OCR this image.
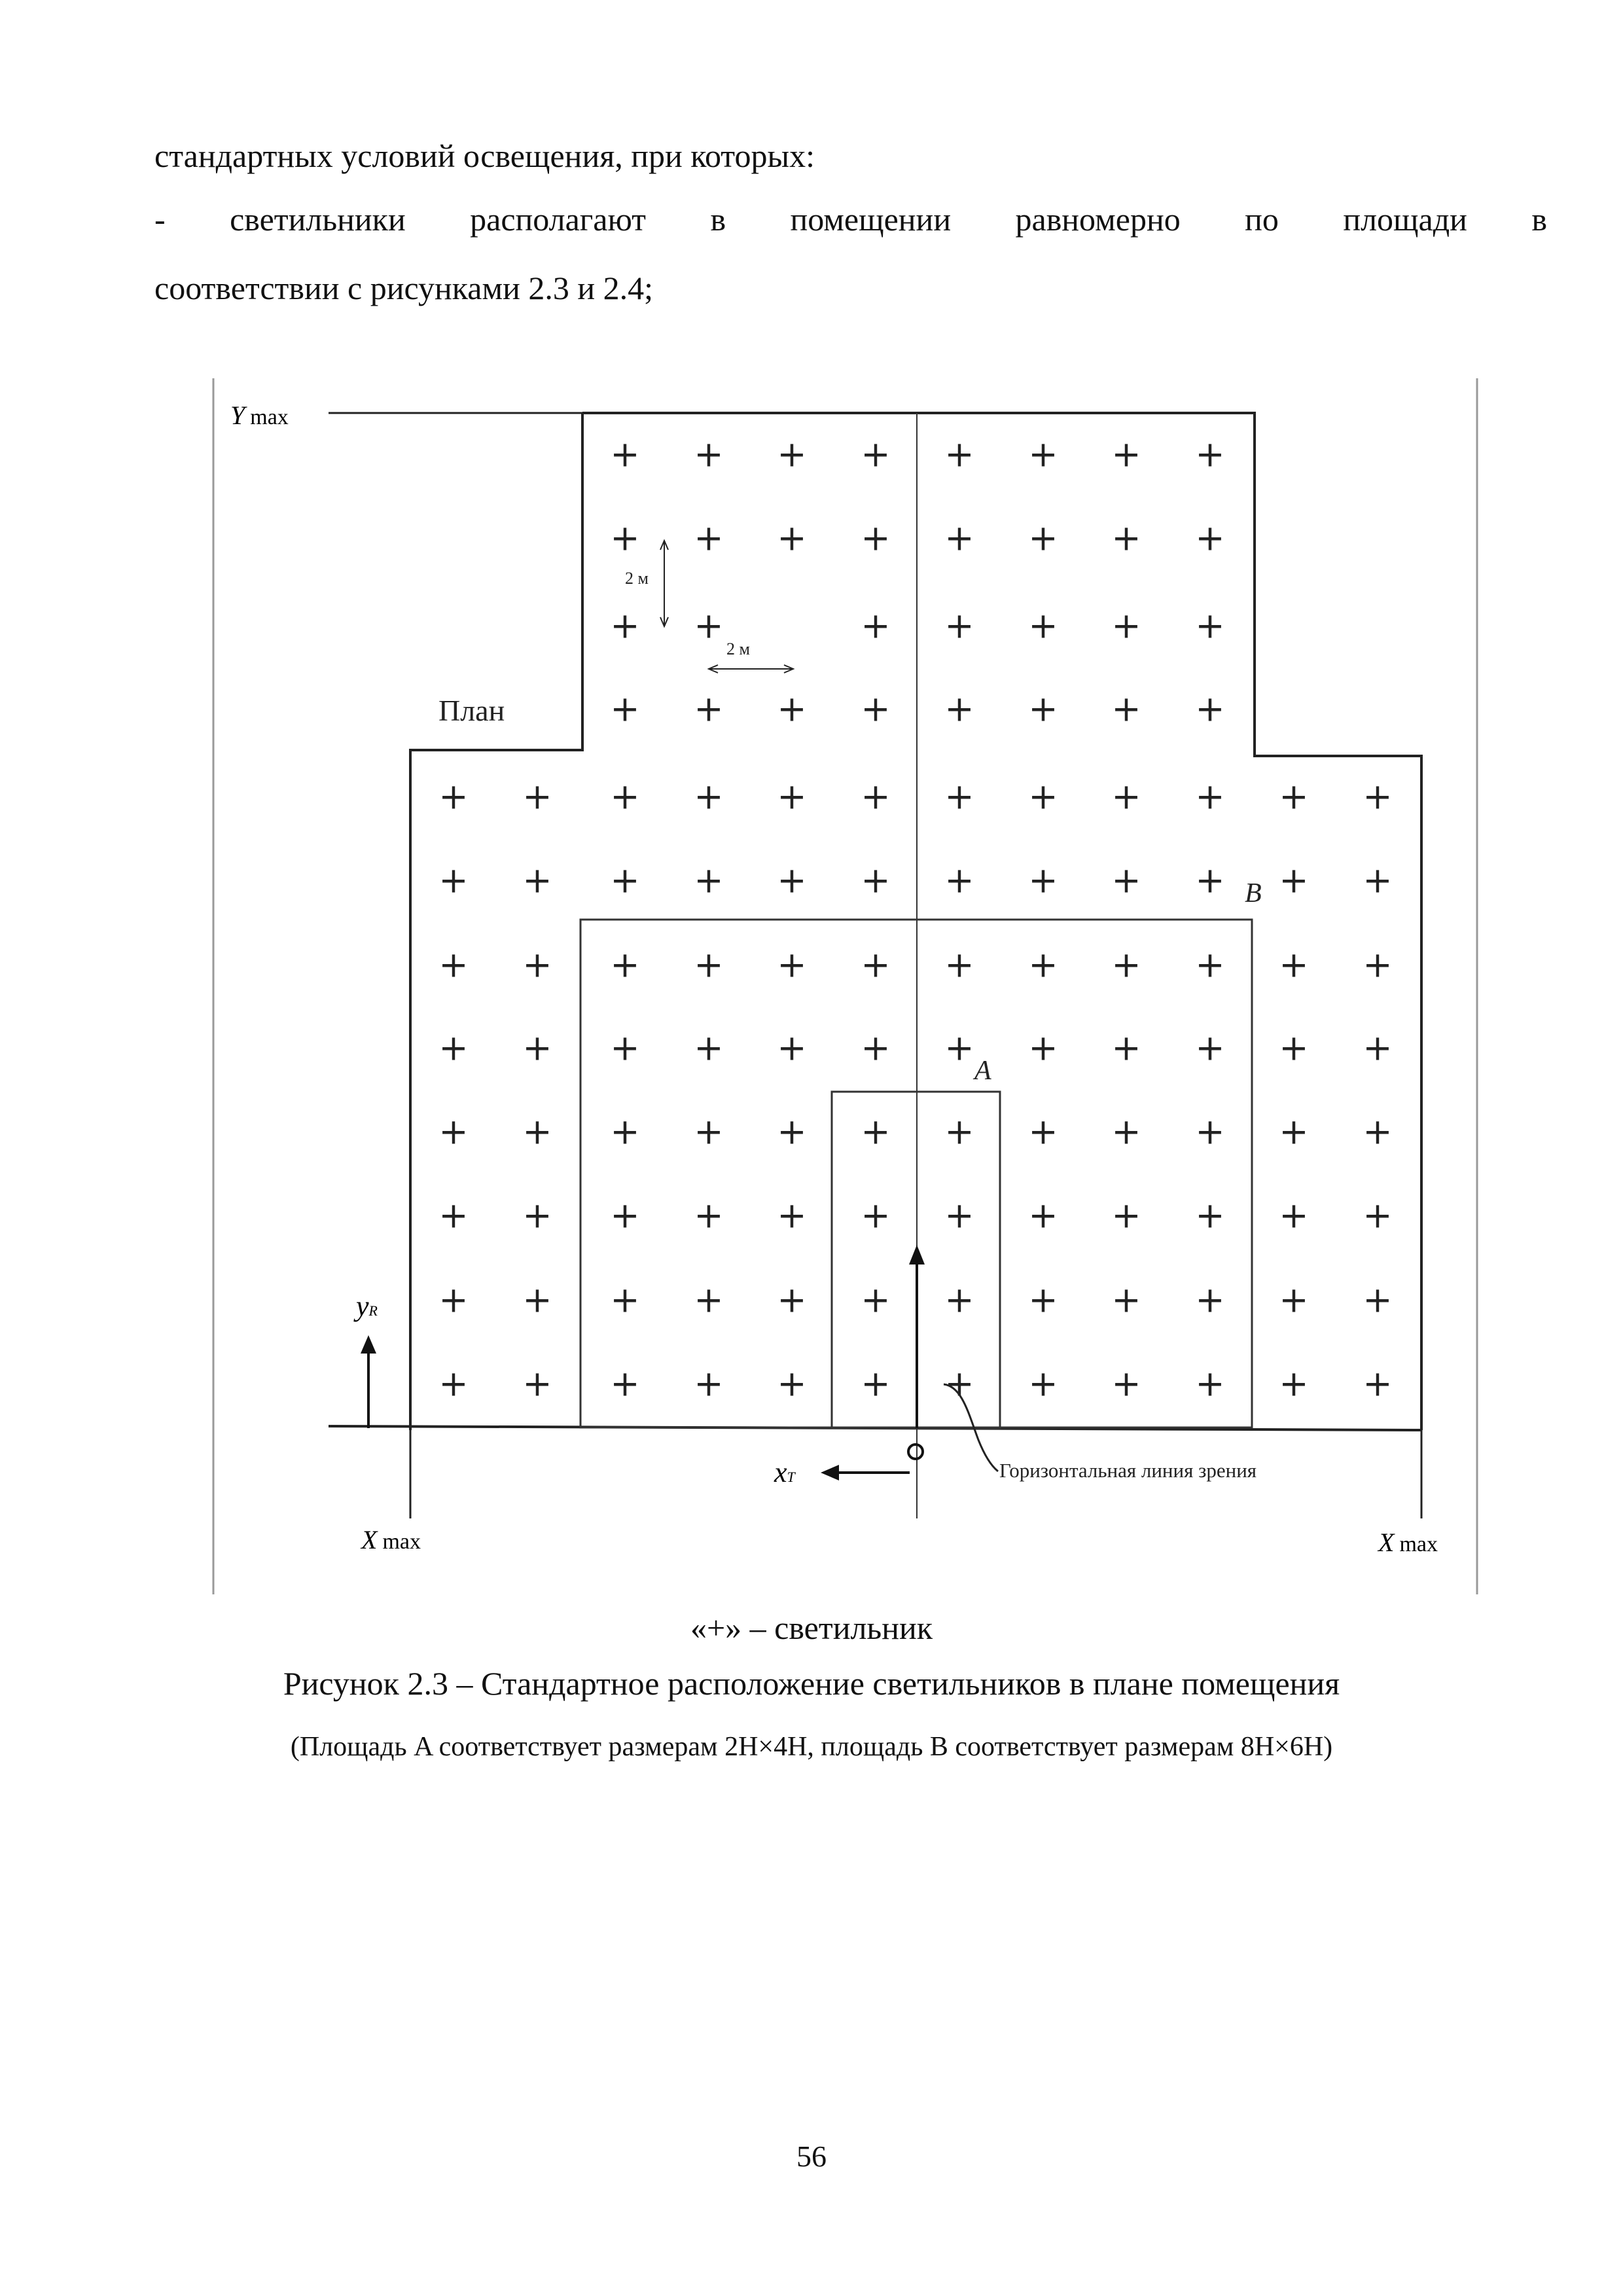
стандартных условий освещения, при которых:
- светильники располагают в помещении равномерно по площади в
соответствии с рисунками 2.3 и 2.4;
+ + + + + + + +
+ + + + + + + +
+ +	+ + + + +
+ + + + + + + +
+ + + + + + + + + + + +
+ + + + + + + + + + + +
+ + + + + + + + + + + +
+ + + + + + + + + + + +
+ + + + + + + + + + + +
+ + + + + + + + + + + +
+ + + + + + + + + + + +
+ + + + + + + + + + + +
2 м
2 м
Y max
План
B
A
yR
xT	Горизонтальная линия зрения
X max	X max
«+» – светильник
Рисунок 2.3 – Стандартное расположение светильников в плане помещения
(Площадь A соответствует размерам 2H×4H, площадь B соответствует размерам 8H×6H)
56
